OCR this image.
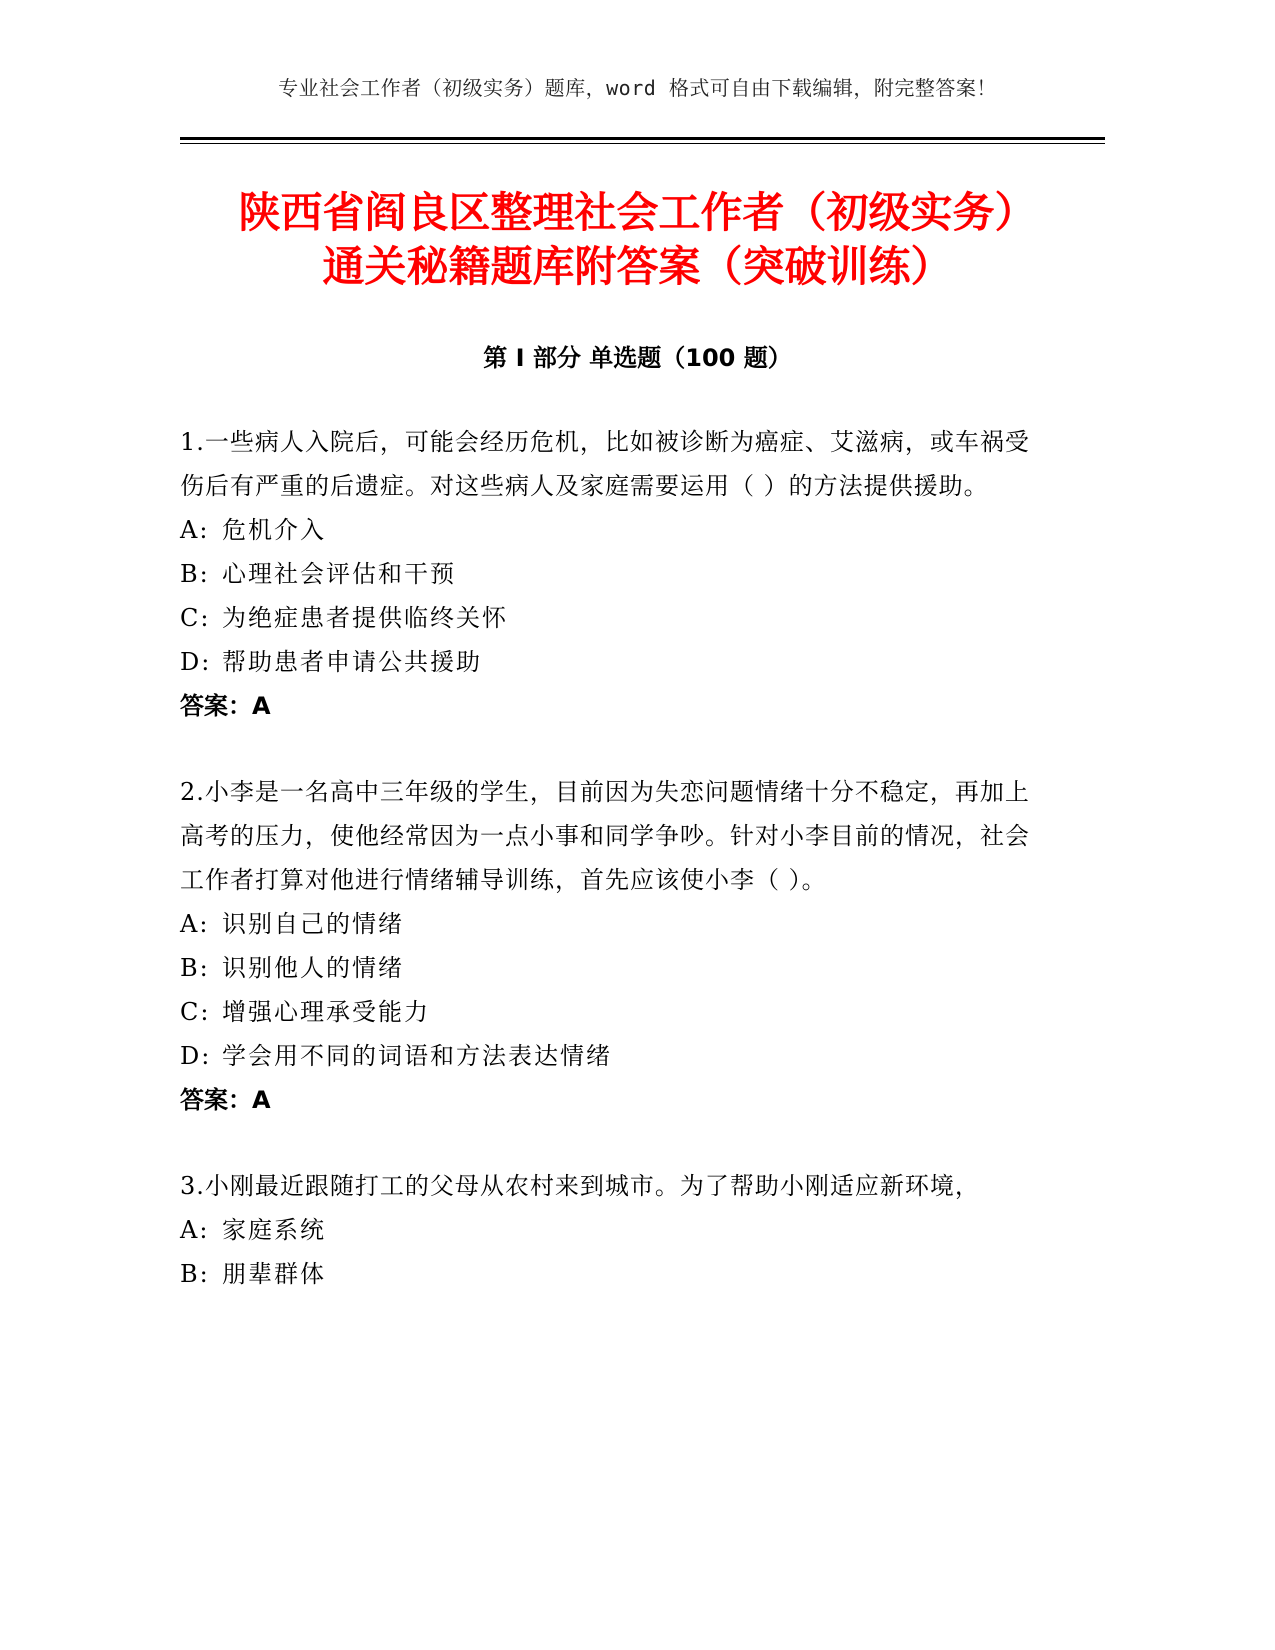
专业社会工作者（初级实务）题库，word 格式可自由下载编辑，附完整答案！
陕西省阎良区整理社会工作者（初级实务）
通关秘籍题库附答案（突破训练）
第 I 部分 单选题（100 题）
1.一些病人入院后，可能会经历危机，比如被诊断为癌症、艾滋病，或车祸受伤后有严重的后遗症。对这些病人及家庭需要运用（ ）的方法提供援助。
A: 危机介入
B: 心理社会评估和干预
C: 为绝症患者提供临终关怀
D: 帮助患者申请公共援助
答案：A
2.小李是一名高中三年级的学生，目前因为失恋问题情绪十分不稳定，再加上高考的压力，使他经常因为一点小事和同学争吵。针对小李目前的情况，社会工作者打算对他进行情绪辅导训练，首先应该使小李（ ）。
A: 识别自己的情绪
B: 识别他人的情绪
C: 增强心理承受能力
D: 学会用不同的词语和方法表达情绪
答案：A
3.小刚最近跟随打工的父母从农村来到城市。为了帮助小刚适应新环境，
A: 家庭系统
B: 朋辈群体
